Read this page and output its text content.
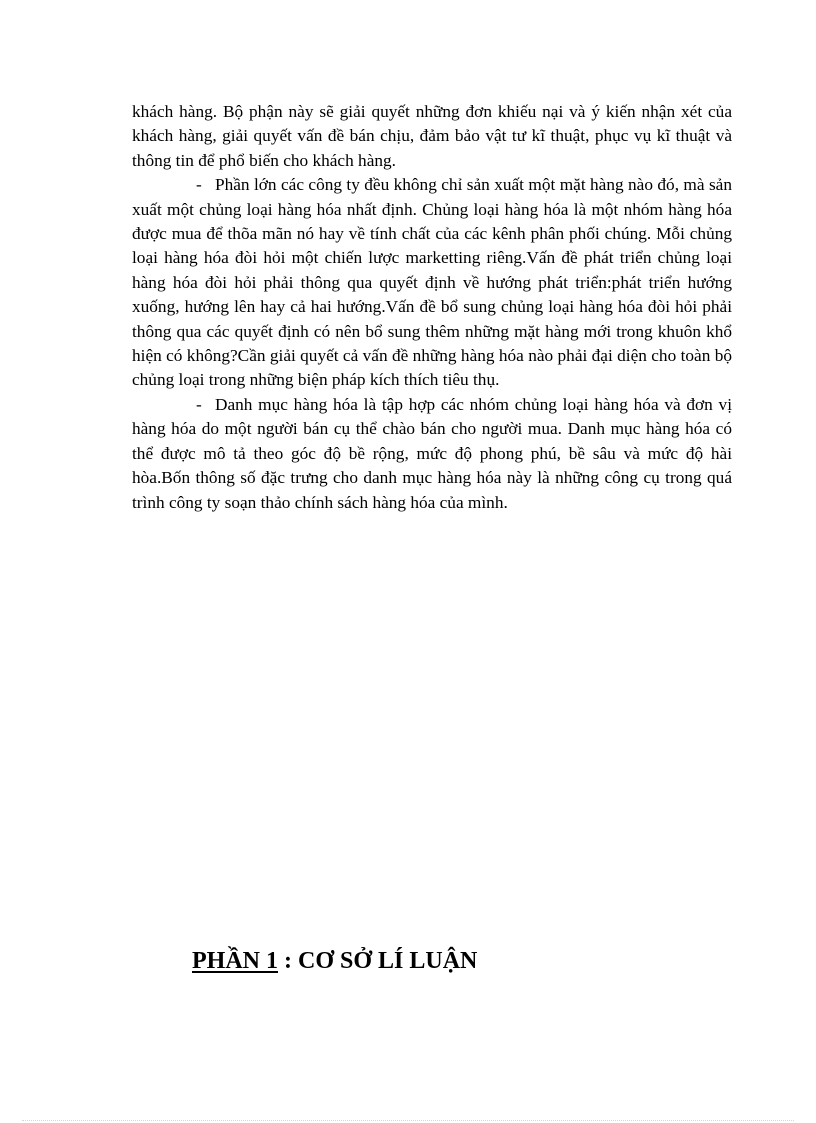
khách hàng. Bộ phận này sẽ giải quyết những đơn khiếu nại và ý kiến nhận xét của khách hàng, giải quyết vấn đề bán chịu, đảm bảo vật tư kĩ thuật, phục vụ kĩ thuật và thông tin để phổ biến cho khách hàng.

- Phần lớn các công ty đều không chỉ sản xuất một mặt hàng nào đó, mà sản xuất một chủng loại hàng hóa nhất định. Chủng loại hàng hóa là một nhóm hàng hóa được mua để thõa mãn nó hay về tính chất của các kênh phân phối chúng. Mỗi chủng loại hàng hóa đòi hỏi một chiến lược marketting riêng.Vấn đề phát triển chủng loại hàng hóa đòi hỏi phải thông qua quyết định về hướng phát triển:phát triển hướng xuống, hướng lên hay cả hai hướng.Vấn đề bổ sung chủng loại hàng hóa đòi hỏi phải thông qua các quyết định có nên bổ sung thêm những mặt hàng mới trong khuôn khổ hiện có không?Cần giải quyết cả vấn đề những hàng hóa nào phải đại diện cho toàn bộ chủng loại trong những biện pháp kích thích tiêu thụ.

- Danh mục hàng hóa là tập hợp các nhóm chủng loại hàng hóa và đơn vị hàng hóa do một người bán cụ thể chào bán cho người mua. Danh mục hàng hóa có thể được mô tả theo góc độ bề rộng, mức độ phong phú, bề sâu và mức độ hài hòa.Bốn thông số đặc trưng cho danh mục hàng hóa này là những công cụ trong quá trình công ty soạn thảo chính sách hàng hóa của mình.

PHẦN 1 : CƠ SỞ LÍ LUẬN
